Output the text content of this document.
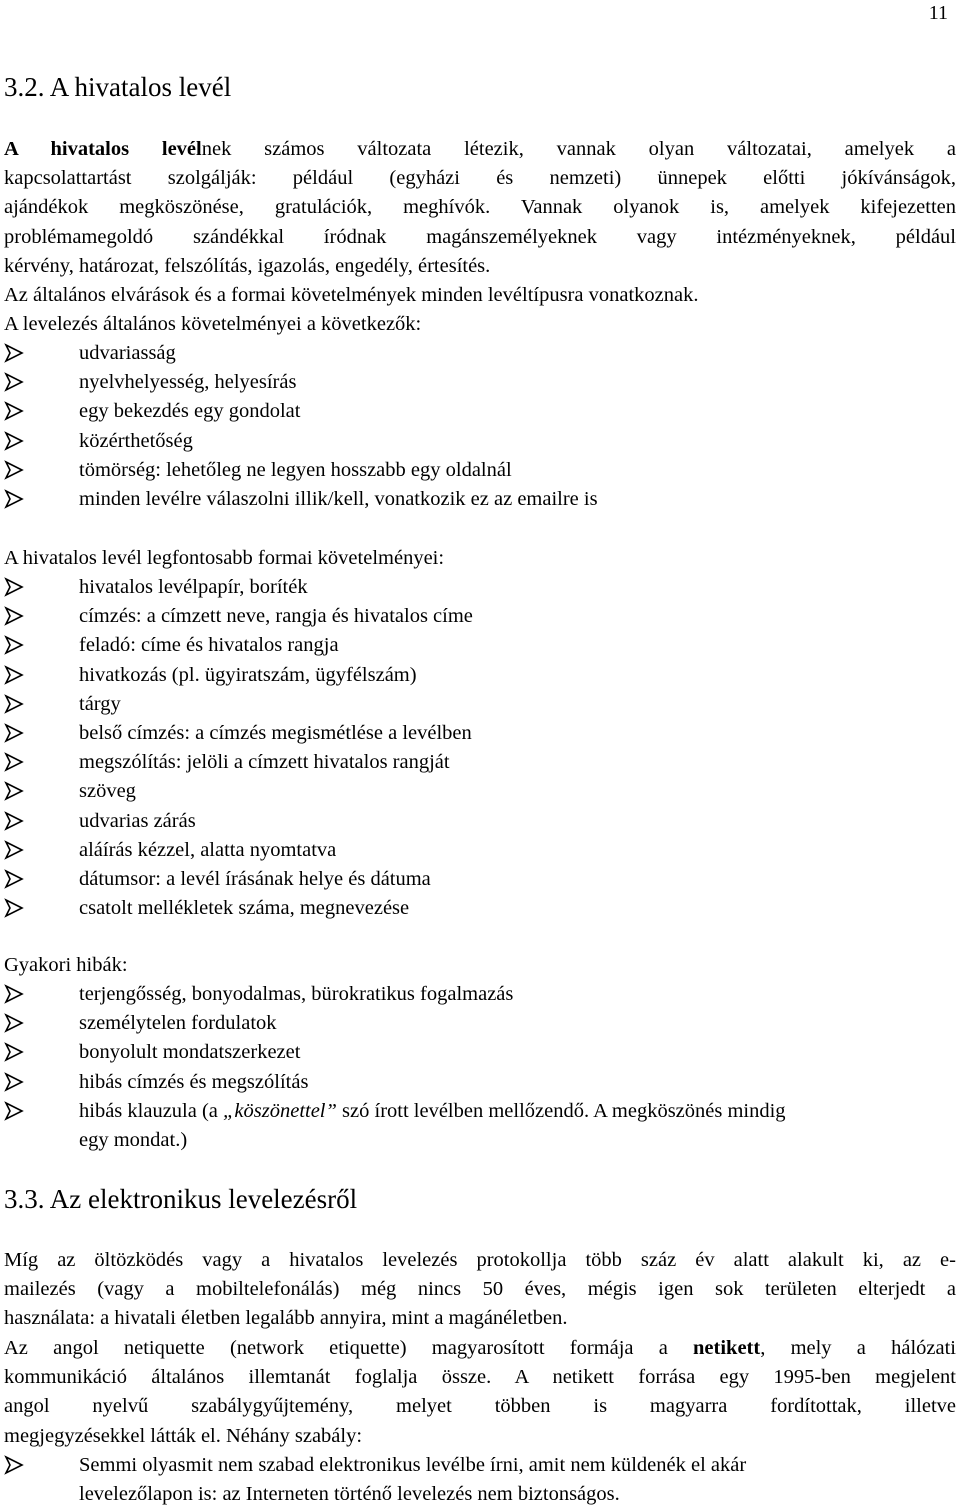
11
3.2. A hivatalos levél
A hivatalos levélnek számos változata létezik, vannak olyan változatai, amelyek a
kapcsolattartást szolgálják: például (egyházi és nemzeti) ünnepek előtti jókívánságok,
ajándékok megköszönése, gratulációk, meghívók. Vannak olyanok is, amelyek kifejezetten
problémamegoldó szándékkal íródnak magánszemélyeknek vagy intézményeknek, például
kérvény, határozat, felszólítás, igazolás, engedély, értesítés.
Az általános elvárások és a formai követelmények minden levéltípusra vonatkoznak.
A levelezés általános követelményei a következők:
udvariasság
nyelvhelyesség, helyesírás
egy bekezdés egy gondolat
közérthetőség
tömörség: lehetőleg ne legyen hosszabb egy oldalnál
minden levélre válaszolni illik/kell, vonatkozik ez az emailre is
A hivatalos levél legfontosabb formai követelményei:
hivatalos levélpapír, boríték
címzés: a címzett neve, rangja és hivatalos címe
feladó: címe és hivatalos rangja
hivatkozás (pl. ügyiratszám, ügyfélszám)
tárgy
belső címzés: a címzés megismétlése a levélben
megszólítás: jelöli a címzett hivatalos rangját
szöveg
udvarias zárás
aláírás kézzel, alatta nyomtatva
dátumsor: a levél írásának helye és dátuma
csatolt mellékletek száma, megnevezése
Gyakori hibák:
terjengősség, bonyodalmas, bürokratikus fogalmazás
személytelen fordulatok
bonyolult mondatszerkezet
hibás címzés és megszólítás
hibás klauzula (a „köszönettel” szó írott levélben mellőzendő. A megköszönés mindig
egy mondat.)
3.3. Az elektronikus levelezésről
Míg az öltözködés vagy a hivatalos levelezés protokollja több száz év alatt alakult ki, az e-
mailezés (vagy a mobiltelefonálás) még nincs 50 éves, mégis igen sok területen elterjedt a
használata: a hivatali életben legalább annyira, mint a magánéletben.
Az angol netiquette (network etiquette) magyarosított formája a netikett, mely a hálózati
kommunikáció általános illemtanát foglalja össze. A netikett forrása egy 1995-ben megjelent
angol nyelvű szabálygyűjtemény, melyet többen is magyarra fordítottak, illetve
megjegyzésekkel látták el. Néhány szabály:
Semmi olyasmit nem szabad elektronikus levélbe írni, amit nem küldenék el akár
levelezőlapon is: az Interneten történő levelezés nem biztonságos.
